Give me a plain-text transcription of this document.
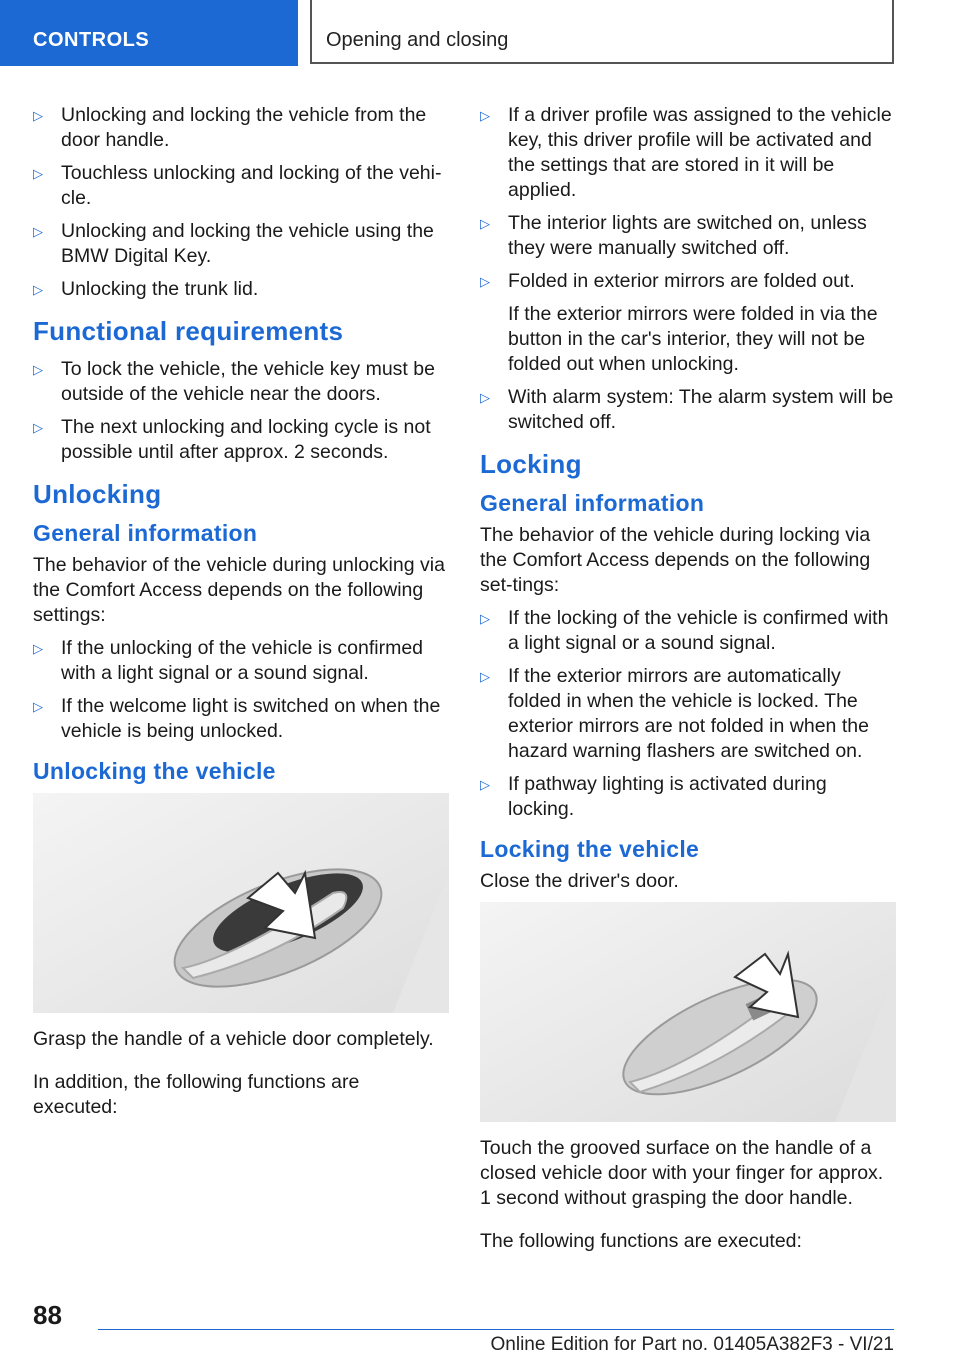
CONTROLS	Opening and closing
▷ Unlocking and locking the vehicle from the door handle.
▷ Touchless unlocking and locking of the vehi-cle.
▷ Unlocking and locking the vehicle using the BMW Digital Key.
▷ Unlocking the trunk lid.
Functional requirements
▷ To lock the vehicle, the vehicle key must be outside of the vehicle near the doors.
▷ The next unlocking and locking cycle is not possible until after approx. 2 seconds.
Unlocking
General information

The behavior of the vehicle during unlocking via the Comfort Access depends on the following settings:

▷ If the unlocking of the vehicle is confirmed with a light signal or a sound signal.
▷ If the welcome light is switched on when the vehicle is being unlocked.
Unlocking the vehicle

Grasp the handle of a vehicle door completely.

In addition, the following functions are executed:

▷ If a driver profile was assigned to the vehicle key, this driver profile will be activated and the settings that are stored in it will be applied.
▷ The interior lights are switched on, unless they were manually switched off.
▷ Folded in exterior mirrors are folded out.
If the exterior mirrors were folded in via the button in the car's interior, they will not be folded out when unlocking.
▷ With alarm system: The alarm system will be switched off.
Locking
General information

The behavior of the vehicle during locking via the Comfort Access depends on the following set-tings:

▷ If the locking of the vehicle is confirmed with a light signal or a sound signal.
▷ If the exterior mirrors are automatically folded in when the vehicle is locked. The exterior mirrors are not folded in when the hazard warning flashers are switched on.
▷ If pathway lighting is activated during locking.
Locking the vehicle

Close the driver's door.

Touch the grooved surface on the handle of a closed vehicle door with your finger for approx. 1 second without grasping the door handle.

The following functions are executed:

88
Online Edition for Part no. 01405A382F3 - VI/21
